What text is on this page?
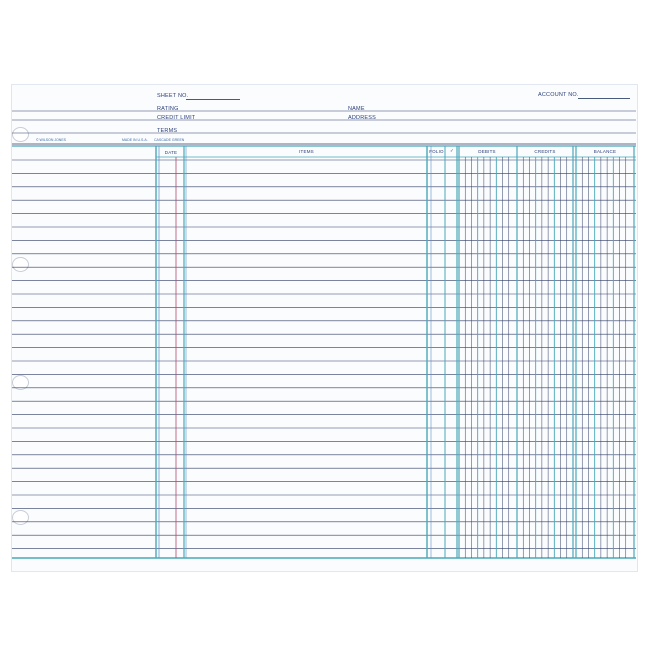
SHEET NO.	ACCOUNT NO.
RATING
CREDIT LIMIT
TERMS
NAME
ADDRESS
© WILSON JONES	MADE IN U.S.A. CASCADE GREEN
DATE	ITEMS	FOLIO	✓	DEBITS	CREDITS	BALANCE
